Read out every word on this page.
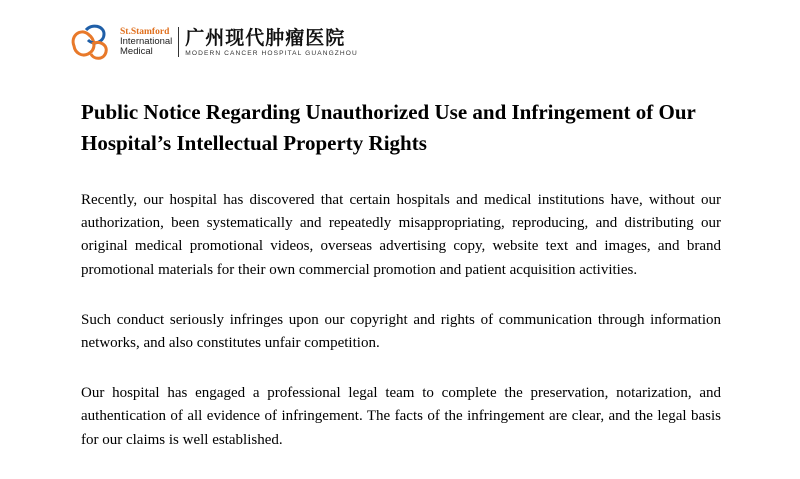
St.Stamford
International
Medical
广州现代肿瘤医院
MODERN CANCER HOSPITAL GUANGZHOU
Public Notice Regarding Unauthorized Use and Infringement of Our Hospital’s Intellectual Property Rights

Recently, our hospital has discovered that certain hospitals and medical institutions have, without our authorization, been systematically and repeatedly misappropriating, reproducing, and distributing our original medical promotional videos, overseas advertising copy, website text and images, and brand promotional materials for their own commercial promotion and patient acquisition activities.

Such conduct seriously infringes upon our copyright and rights of communication through information networks, and also constitutes unfair competition.

Our hospital has engaged a professional legal team to complete the preservation, notarization, and authentication of all evidence of infringement. The facts of the infringement are clear, and the legal basis for our claims is well established.
